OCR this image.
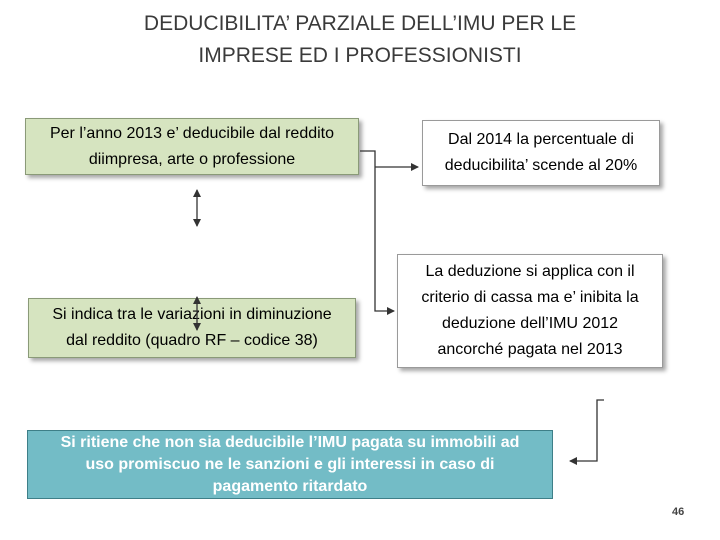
DEDUCIBILITA’ PARZIALE DELL’IMU PER LE
IMPRESE ED I PROFESSIONISTI
Per l’anno 2013 e’ deducibile dal reddito
diimpresa, arte o professione
Dal 2014 la percentuale di
deducibilita’ scende al 20%
Si indica tra le variazioni in diminuzione
dal reddito (quadro RF – codice 38)
La deduzione si applica con il
criterio di cassa ma e’ inibita la
deduzione dell’IMU 2012
ancorché pagata nel 2013
Si ritiene che non sia deducibile l’IMU pagata su immobili ad
uso promiscuo ne le sanzioni e gli interessi in caso di
pagamento ritardato
46
